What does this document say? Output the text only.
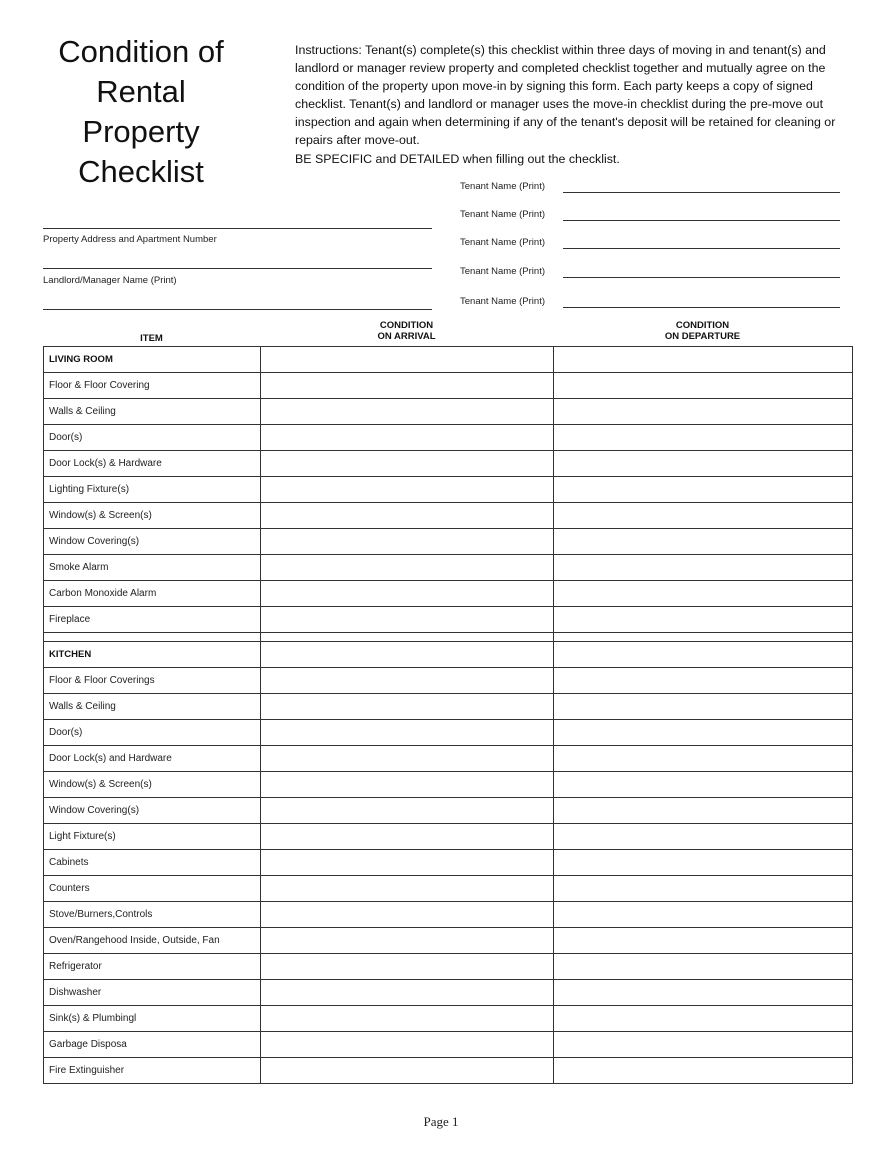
Condition of
Rental
Property
Checklist

Instructions: Tenant(s) complete(s) this checklist within three days of moving in and tenant(s) and landlord or manager review property and completed checklist together and mutually agree on the condition of the property upon move-in by signing this form. Each party keeps a copy of signed checklist. Tenant(s) and landlord or manager uses the move-in checklist during the pre-move out inspection and again when determining if any of the tenant's deposit will be retained for cleaning or repairs after move-out.

BE SPECIFIC and DETAILED when filling out the checklist.

Tenant Name (Print)
Tenant Name (Print)
Tenant Name (Print)
Tenant Name (Print)
Tenant Name (Print)
Property Address and Apartment Number
Landlord/Manager Name (Print)
ITEM
CONDITION
ON ARRIVAL
CONDITION
ON DEPARTURE
LIVING ROOM		
Floor & Floor Covering		
Walls & Ceiling		
Door(s)		
Door Lock(s) & Hardware		
Lighting Fixture(s)		
Window(s) & Screen(s)		
Window Covering(s)		
Smoke Alarm		
Carbon Monoxide Alarm		
Fireplace		

KITCHEN		
Floor & Floor Coverings		
Walls & Ceiling		
Door(s)		
Door Lock(s) and Hardware		
Window(s) & Screen(s)		
Window Covering(s)		
Light Fixture(s)		
Cabinets		
Counters		
Stove/Burners,Controls		
Oven/Rangehood Inside, Outside, Fan		
Refrigerator		
Dishwasher		
Sink(s) & Plumbingl		
Garbage Disposa		
Fire Extinguisher		
Page 1
